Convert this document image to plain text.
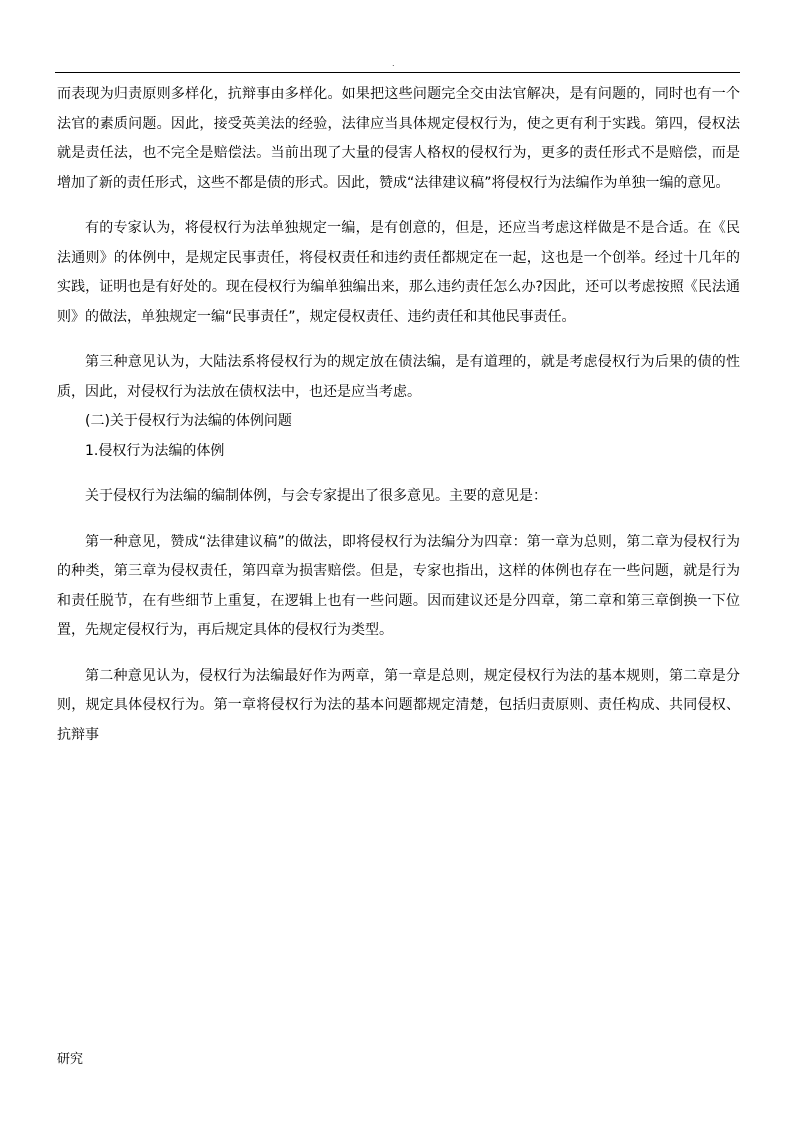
.

而表现为归责原则多样化，抗辩事由多样化。如果把这些问题完全交由法官解决，是有问题的，同时也有一个法官的素质问题。因此，接受英美法的经验，法律应当具体规定侵权行为，使之更有利于实践。第四，侵权法就是责任法，也不完全是赔偿法。当前出现了大量的侵害人格权的侵权行为，更多的责任形式不是赔偿，而是增加了新的责任形式，这些不都是债的形式。因此，赞成“法律建议稿”将侵权行为法编作为单独一编的意见。

有的专家认为，将侵权行为法单独规定一编，是有创意的，但是，还应当考虑这样做是不是合适。在《民法通则》的体例中，是规定民事责任，将侵权责任和违约责任都规定在一起，这也是一个创举。经过十几年的实践，证明也是有好处的。现在侵权行为编单独编出来，那么违约责任怎么办?因此，还可以考虑按照《民法通则》的做法，单独规定一编“民事责任”，规定侵权责任、违约责任和其他民事责任。

第三种意见认为，大陆法系将侵权行为的规定放在债法编，是有道理的，就是考虑侵权行为后果的债的性质，因此，对侵权行为法放在债权法中，也还是应当考虑。

(二)关于侵权行为法编的体例问题

1.侵权行为法编的体例

关于侵权行为法编的编制体例，与会专家提出了很多意见。主要的意见是：

第一种意见，赞成“法律建议稿”的做法，即将侵权行为法编分为四章：第一章为总则，第二章为侵权行为的种类，第三章为侵权责任，第四章为损害赔偿。但是，专家也指出，这样的体例也存在一些问题，就是行为和责任脱节，在有些细节上重复，在逻辑上也有一些问题。因而建议还是分四章，第二章和第三章倒换一下位置，先规定侵权行为，再后规定具体的侵权行为类型。

第二种意见认为，侵权行为法编最好作为两章，第一章是总则，规定侵权行为法的基本规则，第二章是分则，规定具体侵权行为。第一章将侵权行为法的基本问题都规定清楚，包括归责原则、责任构成、共同侵权、抗辩事

研究
